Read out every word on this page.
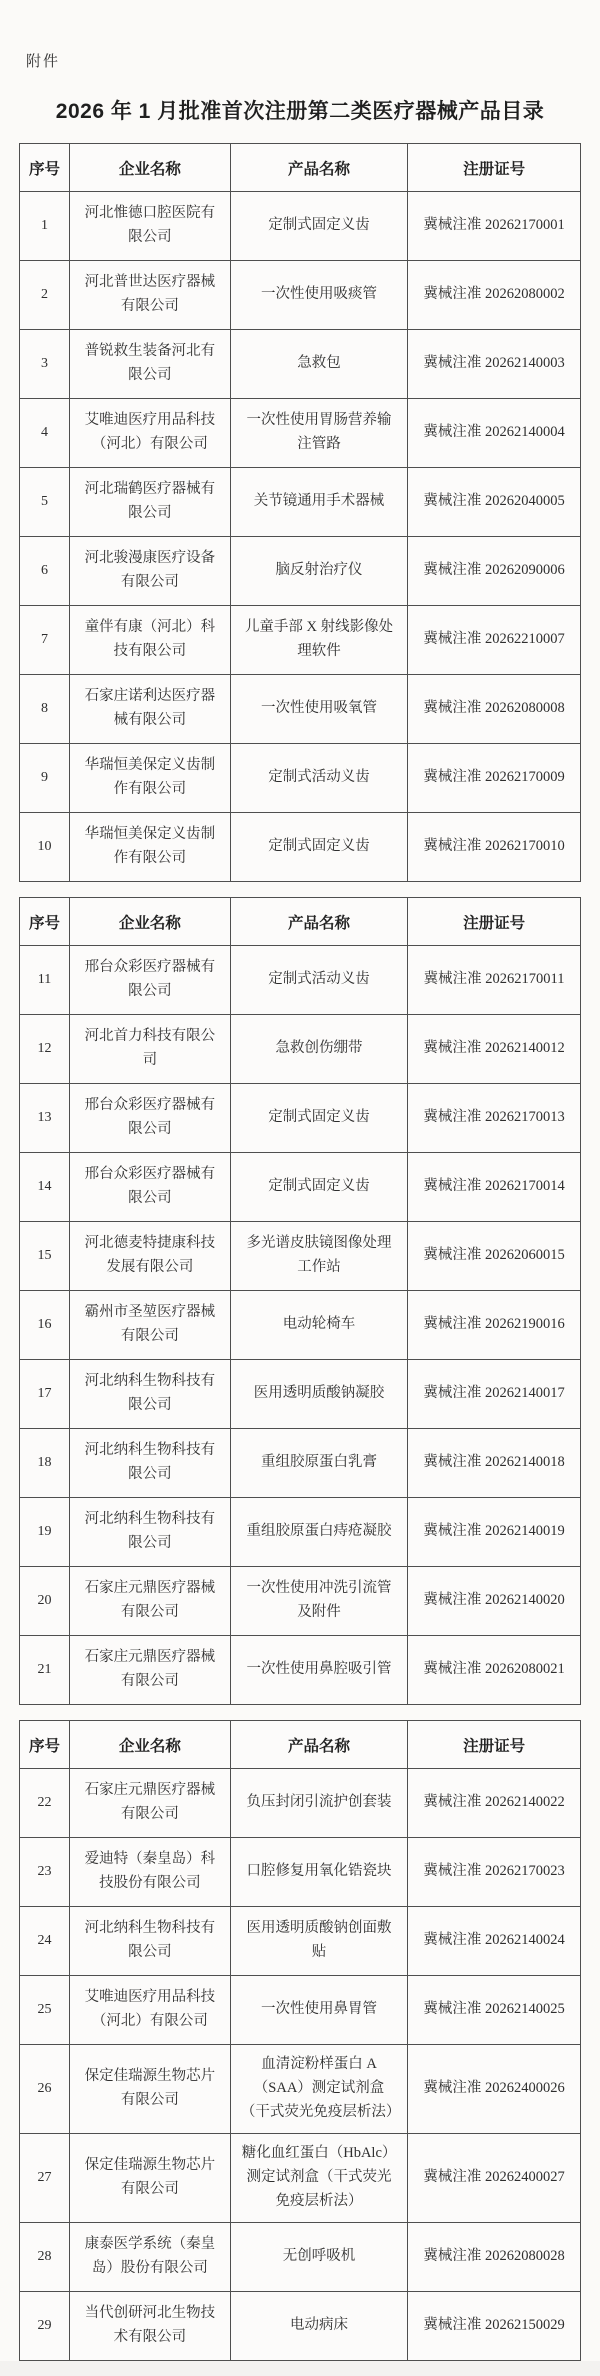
附件
2026 年 1 月批准首次注册第二类医疗器械产品目录
序号	企业名称	产品名称	注册证号
1	河北惟德口腔医院有限公司	定制式固定义齿	冀械注准 20262170001
2	河北普世达医疗器械有限公司	一次性使用吸痰管	冀械注准 20262080002
3	普锐救生装备河北有限公司	急救包	冀械注准 20262140003
4	艾唯迪医疗用品科技（河北）有限公司	一次性使用胃肠营养输注管路	冀械注准 20262140004
5	河北瑞鹤医疗器械有限公司	关节镜通用手术器械	冀械注准 20262040005
6	河北骏漫康医疗设备有限公司	脑反射治疗仪	冀械注准 20262090006
7	童伴有康（河北）科技有限公司	儿童手部 X 射线影像处理软件	冀械注准 20262210007
8	石家庄诺利达医疗器械有限公司	一次性使用吸氧管	冀械注准 20262080008
9	华瑞恒美保定义齿制作有限公司	定制式活动义齿	冀械注准 20262170009
10	华瑞恒美保定义齿制作有限公司	定制式固定义齿	冀械注准 20262170010
序号	企业名称	产品名称	注册证号
11	邢台众彩医疗器械有限公司	定制式活动义齿	冀械注准 20262170011
12	河北首力科技有限公司	急救创伤绷带	冀械注准 20262140012
13	邢台众彩医疗器械有限公司	定制式固定义齿	冀械注准 20262170013
14	邢台众彩医疗器械有限公司	定制式固定义齿	冀械注准 20262170014
15	河北德麦特捷康科技发展有限公司	多光谱皮肤镜图像处理工作站	冀械注准 20262060015
16	霸州市圣堃医疗器械有限公司	电动轮椅车	冀械注准 20262190016
17	河北纳科生物科技有限公司	医用透明质酸钠凝胶	冀械注准 20262140017
18	河北纳科生物科技有限公司	重组胶原蛋白乳膏	冀械注准 20262140018
19	河北纳科生物科技有限公司	重组胶原蛋白痔疮凝胶	冀械注准 20262140019
20	石家庄元鼎医疗器械有限公司	一次性使用冲洗引流管及附件	冀械注准 20262140020
21	石家庄元鼎医疗器械有限公司	一次性使用鼻腔吸引管	冀械注准 20262080021
序号	企业名称	产品名称	注册证号
22	石家庄元鼎医疗器械有限公司	负压封闭引流护创套装	冀械注准 20262140022
23	爱迪特（秦皇岛）科技股份有限公司	口腔修复用氧化锆瓷块	冀械注准 20262170023
24	河北纳科生物科技有限公司	医用透明质酸钠创面敷贴	冀械注准 20262140024
25	艾唯迪医疗用品科技（河北）有限公司	一次性使用鼻胃管	冀械注准 20262140025
26	保定佳瑞源生物芯片有限公司	血清淀粉样蛋白 A（SAA）测定试剂盒（干式荧光免疫层析法）	冀械注准 20262400026
27	保定佳瑞源生物芯片有限公司	糖化血红蛋白（HbAlc）测定试剂盒（干式荧光免疫层析法）	冀械注准 20262400027
28	康泰医学系统（秦皇岛）股份有限公司	无创呼吸机	冀械注准 20262080028
29	当代创研河北生物技术有限公司	电动病床	冀械注准 20262150029
